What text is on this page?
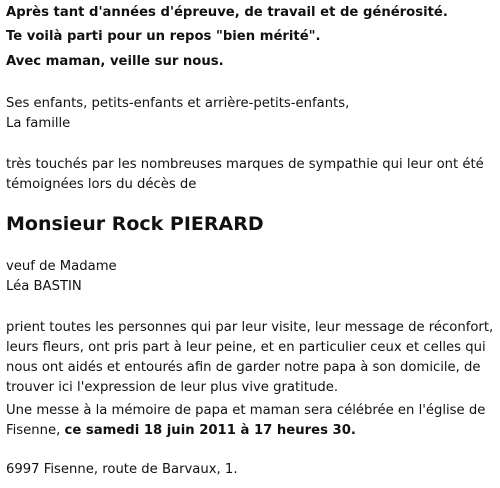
Après tant d'années d'épreuve, de travail et de générosité.
Te voilà parti pour un repos "bien mérité".
Avec maman, veille sur nous.
Ses enfants, petits-enfants et arrière-petits-enfants,
La famille
très touchés par les nombreuses marques de sympathie qui leur ont été témoignées lors du décès de
Monsieur Rock PIERARD
veuf de Madame
Léa BASTIN
prient toutes les personnes qui par leur visite, leur message de réconfort, leurs fleurs, ont pris part à leur peine, et en particulier ceux et celles qui nous ont aidés et entourés afin de garder notre papa à son domicile, de trouver ici l'expression de leur plus vive gratitude.
Une messe à la mémoire de papa et maman sera célébrée en l'église de Fisenne, ce samedi 18 juin 2011 à 17 heures 30.
6997 Fisenne, route de Barvaux, 1.
